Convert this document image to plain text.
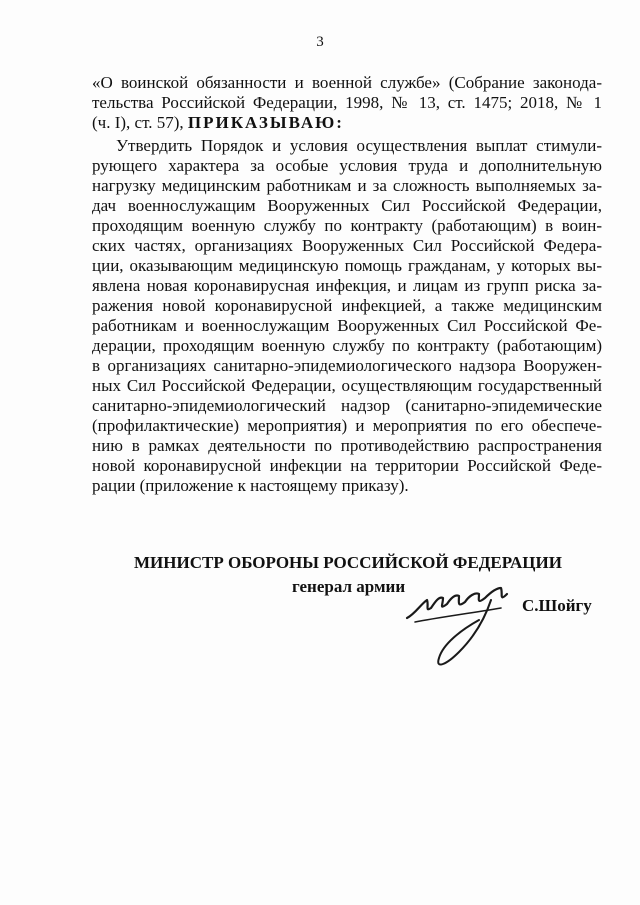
3
«О воинской обязанности и военной службе» (Собрание законода-
тельства Российской Федерации, 1998, № 13, ст. 1475; 2018, № 1
(ч. I), ст. 57), ПРИКАЗЫВАЮ:
Утвердить Порядок и условия осуществления выплат стимули-
рующего характера за особые условия труда и дополнительную
нагрузку медицинским работникам и за сложность выполняемых за-
дач военнослужащим Вооруженных Сил Российской Федерации,
проходящим военную службу по контракту (работающим) в воин-
ских частях, организациях Вооруженных Сил Российской Федера-
ции, оказывающим медицинскую помощь гражданам, у которых вы-
явлена новая коронавирусная инфекция, и лицам из групп риска за-
ражения новой коронавирусной инфекцией, а также медицинским
работникам и военнослужащим Вооруженных Сил Российской Фе-
дерации, проходящим военную службу по контракту (работающим)
в организациях санитарно-эпидемиологического надзора Вооружен-
ных Сил Российской Федерации, осуществляющим государственный
санитарно-эпидемиологический надзор (санитарно-эпидемические
(профилактические) мероприятия) и мероприятия по его обеспече-
нию в рамках деятельности по противодействию распространения
новой коронавирусной инфекции на территории Российской Феде-
рации (приложение к настоящему приказу).
МИНИСТР ОБОРОНЫ РОССИЙСКОЙ ФЕДЕРАЦИИ
генерал армии
С.Шойгу
